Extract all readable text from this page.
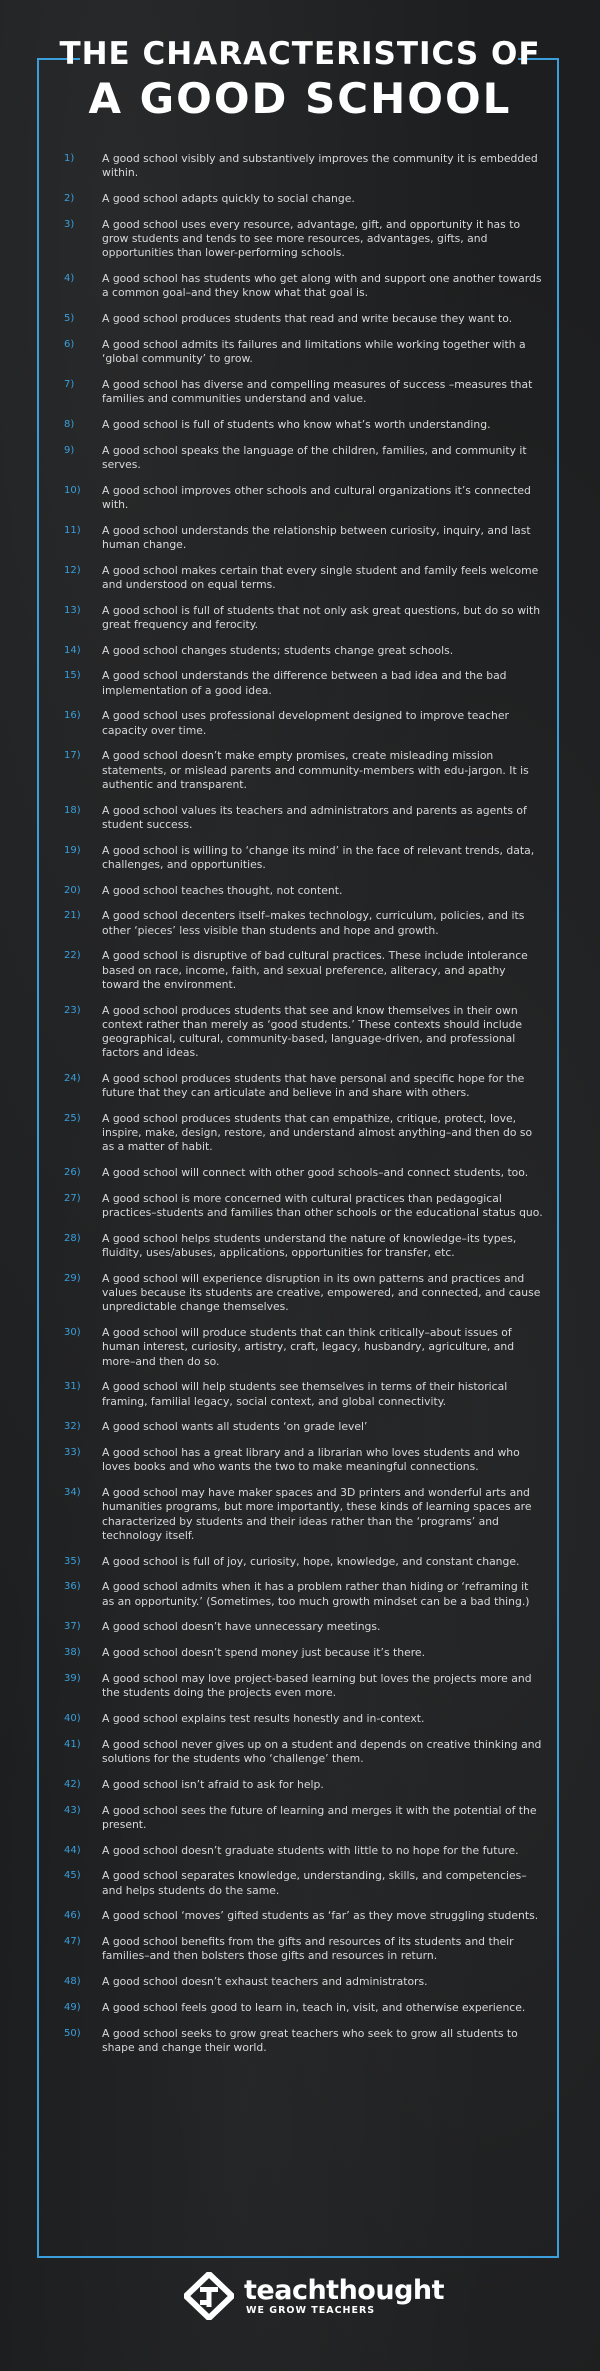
THE CHARACTERISTICS OF
A GOOD SCHOOL
1)	A good school visibly and substantively improves the community it is embedded within.
2)	A good school adapts quickly to social change.
3)	A good school uses every resource, advantage, gift, and opportunity it has to grow students and tends to see more resources, advantages, gifts, and opportunities than lower-performing schools.
4)	A good school has students who get along with and support one another towards a common goal–and they know what that goal is.
5)	A good school produces students that read and write because they want to.
6)	A good school admits its failures and limitations while working together with a ‘global community’ to grow.
7)	A good school has diverse and compelling measures of success –measures that families and communities understand and value.
8)	A good school is full of students who know what’s worth understanding.
9)	A good school speaks the language of the children, families, and community it serves.
10) A good school improves other schools and cultural organizations it’s connected with.
11) A good school understands the relationship between curiosity, inquiry, and last human change.
12) A good school makes certain that every single student and family feels welcome and understood on equal terms.
13) A good school is full of students that not only ask great questions, but do so with great frequency and ferocity.
14) A good school changes students; students change great schools.
15) A good school understands the difference between a bad idea and the bad implementation of a good idea.
16) A good school uses professional development designed to improve teacher capacity over time.
17) A good school doesn’t make empty promises, create misleading mission statements, or mislead parents and community-members with edu-jargon. It is authentic and transparent.
18) A good school values its teachers and administrators and parents as agents of student success.
19) A good school is willing to ‘change its mind’ in the face of relevant trends, data, challenges, and opportunities.
20) A good school teaches thought, not content.
21) A good school decenters itself–makes technology, curriculum, policies, and its other ‘pieces’ less visible than students and hope and growth.
22) A good school is disruptive of bad cultural practices. These include intolerance based on race, income, faith, and sexual preference, aliteracy, and apathy toward the environment.
23) A good school produces students that see and know themselves in their own context rather than merely as ‘good students.’ These contexts should include geographical, cultural, community-based, language-driven, and professional factors and ideas.
24) A good school produces students that have personal and specific hope for the future that they can articulate and believe in and share with others.
25) A good school produces students that can empathize, critique, protect, love, inspire, make, design, restore, and understand almost anything–and then do so as a matter of habit.
26) A good school will connect with other good schools–and connect students, too.
27) A good school is more concerned with cultural practices than pedagogical practices–students and families than other schools or the educational status quo.
28) A good school helps students understand the nature of knowledge–its types, fluidity, uses/abuses, applications, opportunities for transfer, etc.
29) A good school will experience disruption in its own patterns and practices and values because its students are creative, empowered, and connected, and cause unpredictable change themselves.
30) A good school will produce students that can think critically–about issues of human interest, curiosity, artistry, craft, legacy, husbandry, agriculture, and more–and then do so.
31) A good school will help students see themselves in terms of their historical framing, familial legacy, social context, and global connectivity.
32) A good school wants all students ‘on grade level’
33) A good school has a great library and a librarian who loves students and who loves books and who wants the two to make meaningful connections.
34) A good school may have maker spaces and 3D printers and wonderful arts and humanities programs, but more importantly, these kinds of learning spaces are characterized by students and their ideas rather than the ‘programs’ and technology itself.
35) A good school is full of joy, curiosity, hope, knowledge, and constant change.
36) A good school admits when it has a problem rather than hiding or ‘reframing it as an opportunity.’ (Sometimes, too much growth mindset can be a bad thing.)
37) A good school doesn’t have unnecessary meetings.
38) A good school doesn’t spend money just because it’s there.
39) A good school may love project-based learning but loves the projects more and the students doing the projects even more.
40) A good school explains test results honestly and in-context.
41) A good school never gives up on a student and depends on creative thinking and solutions for the students who ‘challenge’ them.
42) A good school isn’t afraid to ask for help.
43) A good school sees the future of learning and merges it with the potential of the present.
44) A good school doesn’t graduate students with little to no hope for the future.
45) A good school separates knowledge, understanding, skills, and competencies–and helps students do the same.
46) A good school ‘moves’ gifted students as ‘far’ as they move struggling students.
47) A good school benefits from the gifts and resources of its students and their families–and then bolsters those gifts and resources in return.
48) A good school doesn’t exhaust teachers and administrators.
49) A good school feels good to learn in, teach in, visit, and otherwise experience.
50) A good school seeks to grow great teachers who seek to grow all students to shape and change their world.
teachthought
WE GROW TEACHERS
